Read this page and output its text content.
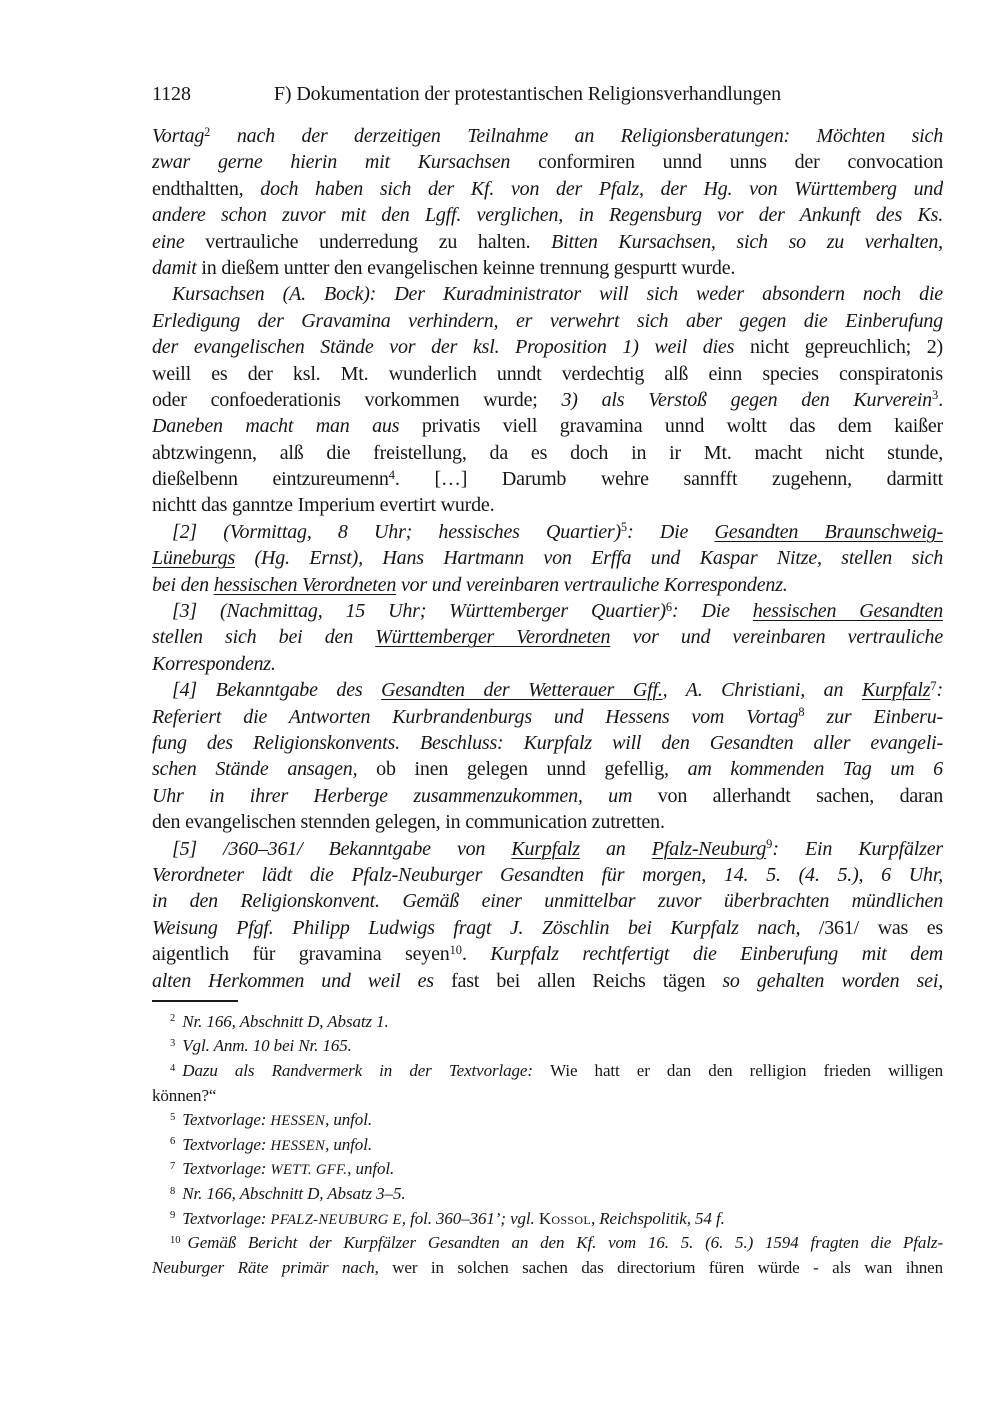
1128	F) Dokumentation der protestantischen Religionsverhandlungen
Vortag$^2$ nach der derzeitigen Teilnahme an Religionsberatungen: Möchten sich
zwar gerne hierin mit Kursachsen conformiren unnd unns der convocation
endthaltten, doch haben sich der Kf. von der Pfalz, der Hg. von Württemberg und
andere schon zuvor mit den Lgff. verglichen, in Regensburg vor der Ankunft des Ks.
eine vertrauliche underredung zu halten. Bitten Kursachsen, sich so zu verhalten,
damit in dießem untter den evangelischen keinne trennung gespurtt wurde.
Kursachsen (A. Bock): Der Kuradministrator will sich weder absondern noch die
Erledigung der Gravamina verhindern, er verwehrt sich aber gegen die Einberufung
der evangelischen Stände vor der ksl. Proposition 1) weil dies nicht gepreuchlich; 2)
weill es der ksl. Mt. wunderlich unndt verdechtig alß einn species conspiratonis
oder confoederationis vorkommen wurde; 3) als Verstoß gegen den Kurverein$^3$.
Daneben macht man aus privatis viell gravamina unnd woltt das dem kaißer
abtzwingenn, alß die freistellung, da es doch in ir Mt. macht nicht stunde,
dießelbenn eintzureumenn$^4$. […] Darumb wehre sannfft zugehenn, darmitt
nichtt das ganntze Imperium evertirt wurde.
[2] (Vormittag, 8 Uhr; hessisches Quartier)$^5$: Die Gesandten Braunschweig-
Lüneburgs (Hg. Ernst), Hans Hartmann von Erffa und Kaspar Nitze, stellen sich
bei den hessischen Verordneten vor und vereinbaren vertrauliche Korrespondenz.
[3] (Nachmittag, 15 Uhr; Württemberger Quartier)$^6$: Die hessischen Gesandten
stellen sich bei den Württemberger Verordneten vor und vereinbaren vertrauliche
Korrespondenz.
[4] Bekanntgabe des Gesandten der Wetterauer Gff., A. Christiani, an Kurpfalz$^7$:
Referiert die Antworten Kurbrandenburgs und Hessens vom Vortag$^8$ zur Einberu-
fung des Religionskonvents. Beschluss: Kurpfalz will den Gesandten aller evangeli-
schen Stände ansagen, ob inen gelegen unnd gefellig, am kommenden Tag um 6
Uhr in ihrer Herberge zusammenzukommen, um von allerhandt sachen, daran
den evangelischen stennden gelegen, in communication zutretten.
[5] /360–361/ Bekanntgabe von Kurpfalz an Pfalz-Neuburg$^9$: Ein Kurpfälzer
Verordneter lädt die Pfalz-Neuburger Gesandten für morgen, 14. 5. (4. 5.), 6 Uhr,
in den Religionskonvent. Gemäß einer unmittelbar zuvor überbrachten mündlichen
Weisung Pfgf. Philipp Ludwigs fragt J. Zöschlin bei Kurpfalz nach, /361/ was es
aigentlich für gravamina seyen$^{10}$. Kurpfalz rechtfertigt die Einberufung mit dem
alten Herkommen und weil es fast bei allen Reichs tägen so gehalten worden sei,
$^2$ Nr. 166, Abschnitt D, Absatz 1.
$^3$ Vgl. Anm. 10 bei Nr. 165.
$^4$ Dazu als Randvermerk in der Textvorlage: Wie hatt er dan den relligion frieden willigen
können?“
$^5$ Textvorlage: HESSEN, unfol.
$^6$ Textvorlage: HESSEN, unfol.
$^7$ Textvorlage: WETT. GFF., unfol.
$^8$ Nr. 166, Abschnitt D, Absatz 3–5.
$^9$ Textvorlage: PFALZ-NEUBURG E, fol. 360–361’; vgl. Kossol, Reichspolitik, 54 f.
$^{10}$ Gemäß Bericht der Kurpfälzer Gesandten an den Kf. vom 16. 5. (6. 5.) 1594 fragten die Pfalz-
Neuburger Räte primär nach, wer in solchen sachen das directorium füren würde - als wan ihnen
